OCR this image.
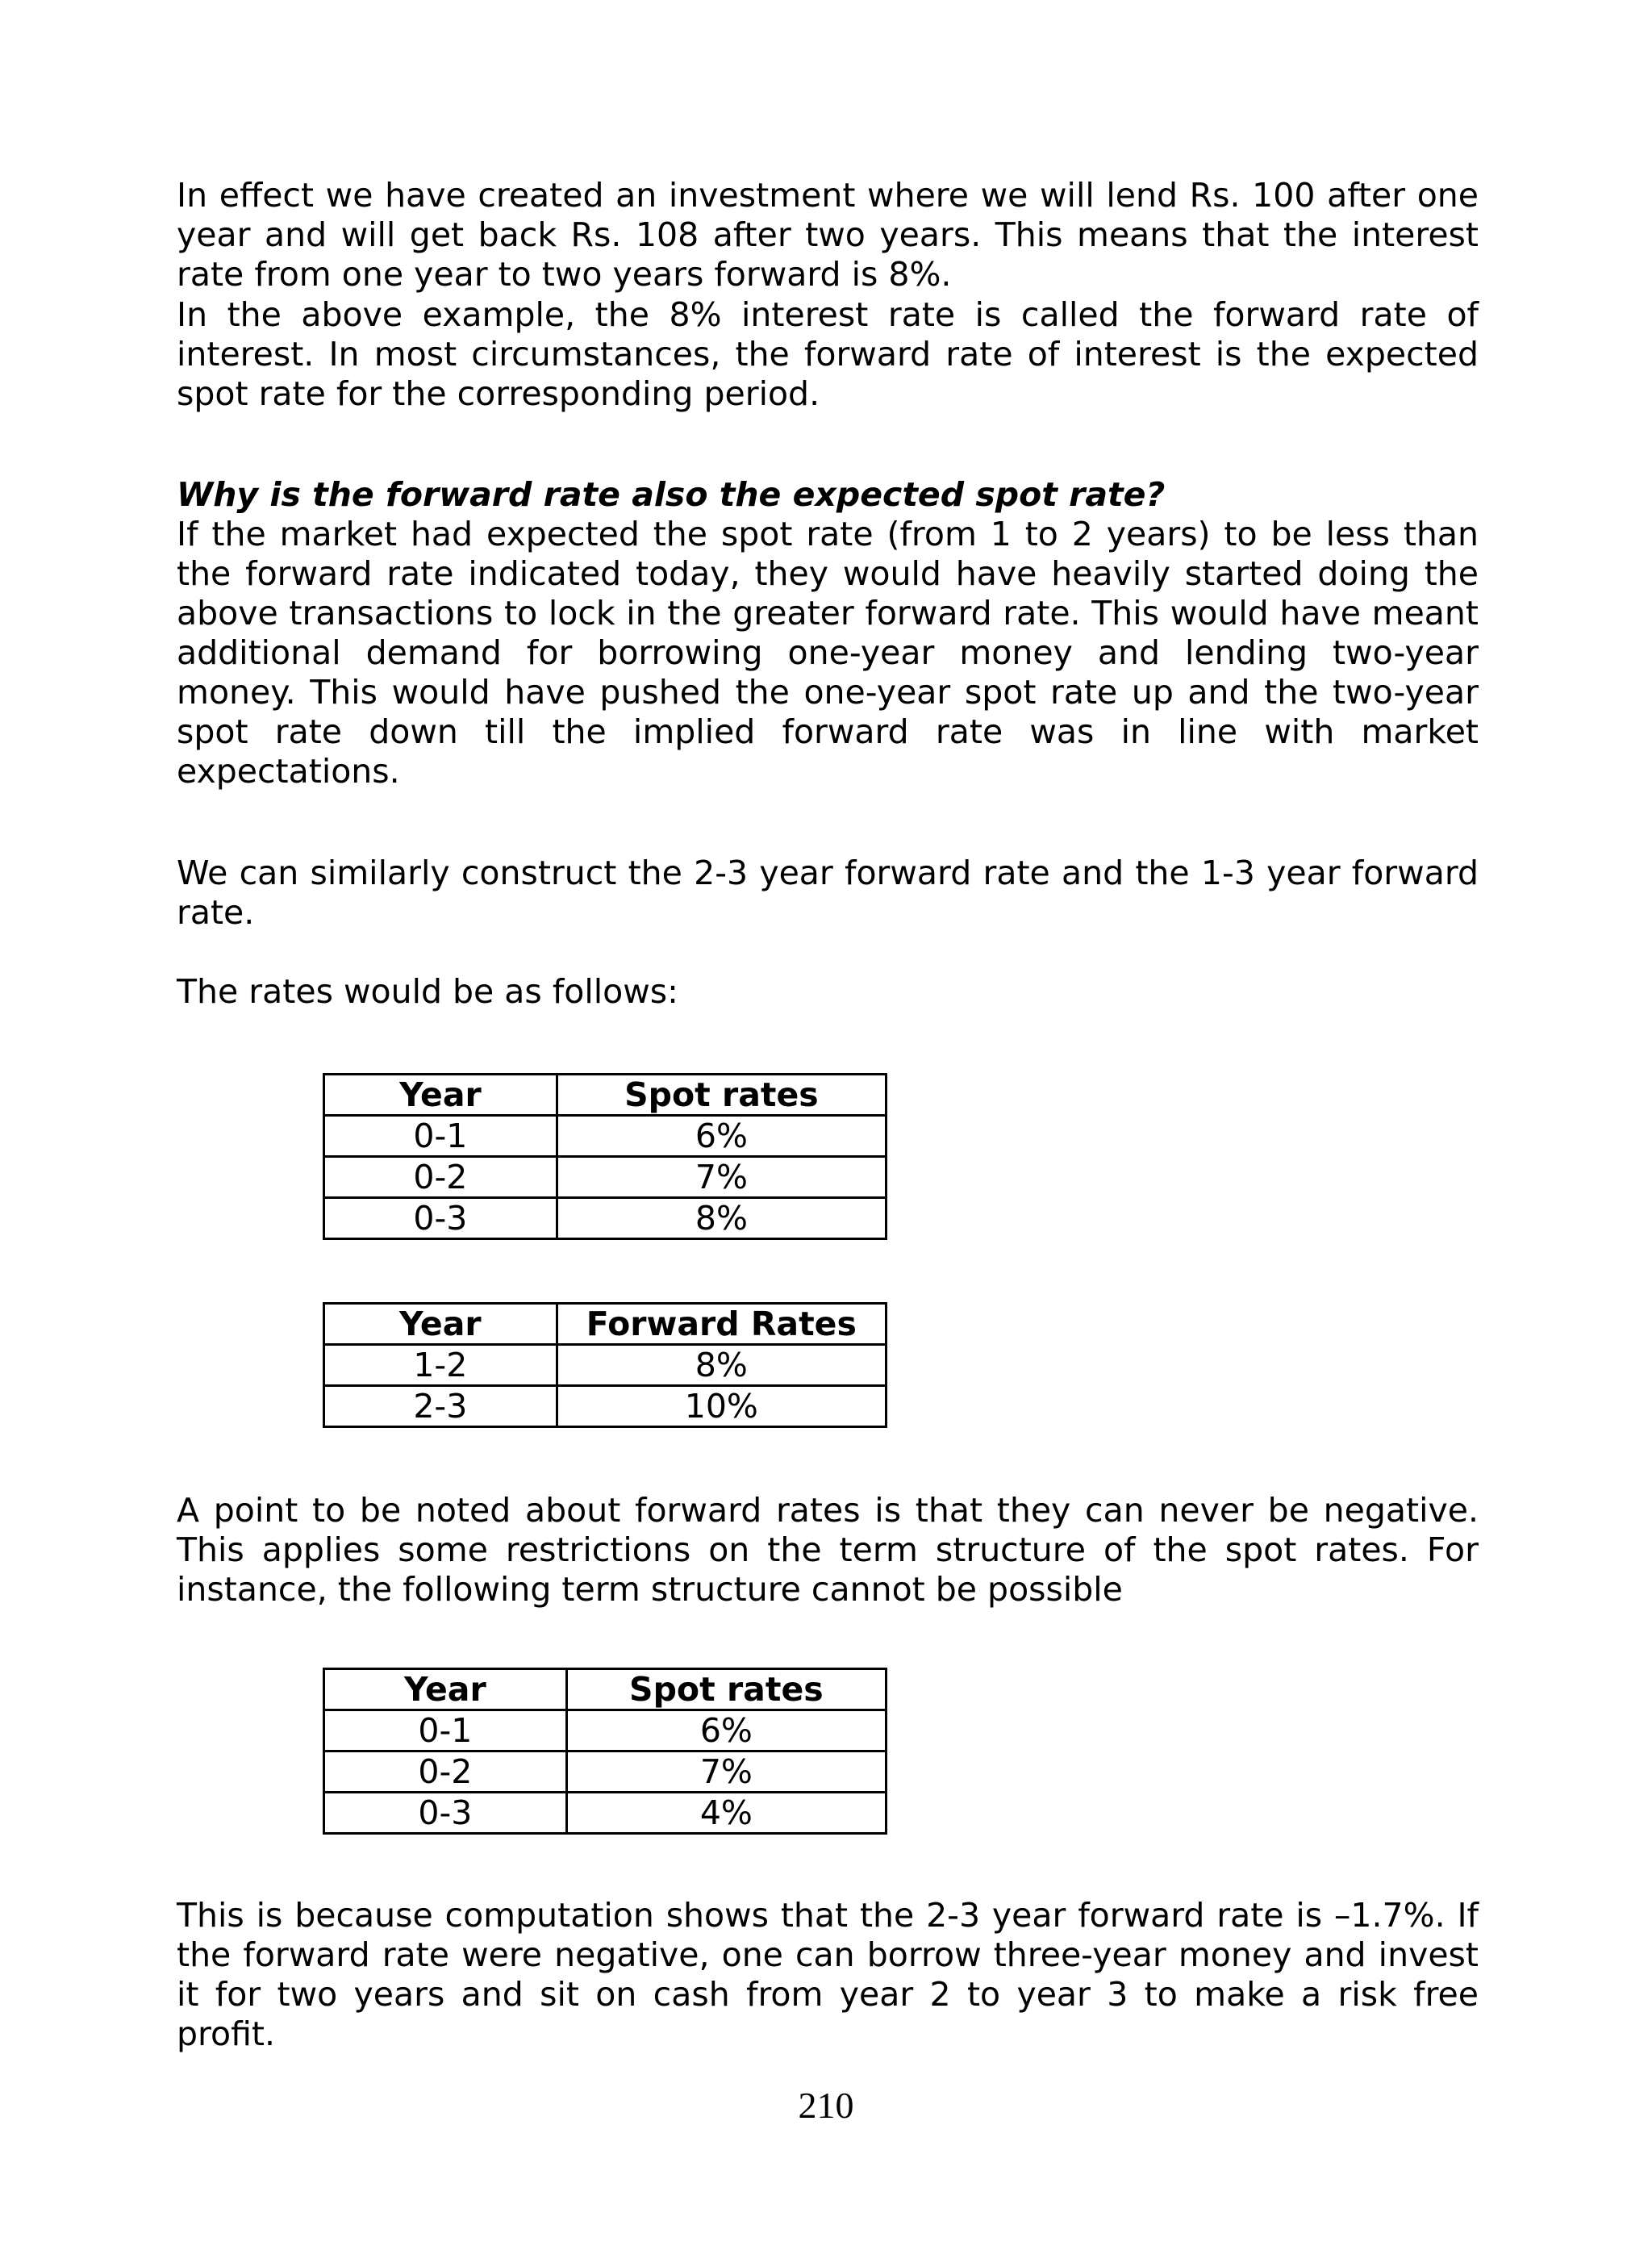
In effect we have created an investment where we will lend Rs. 100 after one year and will get back Rs. 108 after two years. This means that the interest rate from one year to two years forward is 8%.

In the above example, the 8% interest rate is called the forward rate of interest. In most circumstances, the forward rate of interest is the expected spot rate for the corresponding period.

Why is the forward rate also the expected spot rate?

If the market had expected the spot rate (from 1 to 2 years) to be less than the forward rate indicated today, they would have heavily started doing the above transactions to lock in the greater forward rate. This would have meant additional demand for borrowing one-year money and lending two-year money. This would have pushed the one-year spot rate up and the two-year spot rate down till the implied forward rate was in line with market expectations.

We can similarly construct the 2-3 year forward rate and the 1-3 year forward rate.

The rates would be as follows:

Year	Spot rates
0-1	6%
0-2	7%
0-3	8%
Year	Forward Rates
1-2	8%
2-3	10%

A point to be noted about forward rates is that they can never be negative. This applies some restrictions on the term structure of the spot rates. For instance, the following term structure cannot be possible

Year	Spot rates
0-1	6%
0-2	7%
0-3	4%

This is because computation shows that the 2-3 year forward rate is –1.7%. If the forward rate were negative, one can borrow three-year money and invest it for two years and sit on cash from year 2 to year 3 to make a risk free profit.

210
